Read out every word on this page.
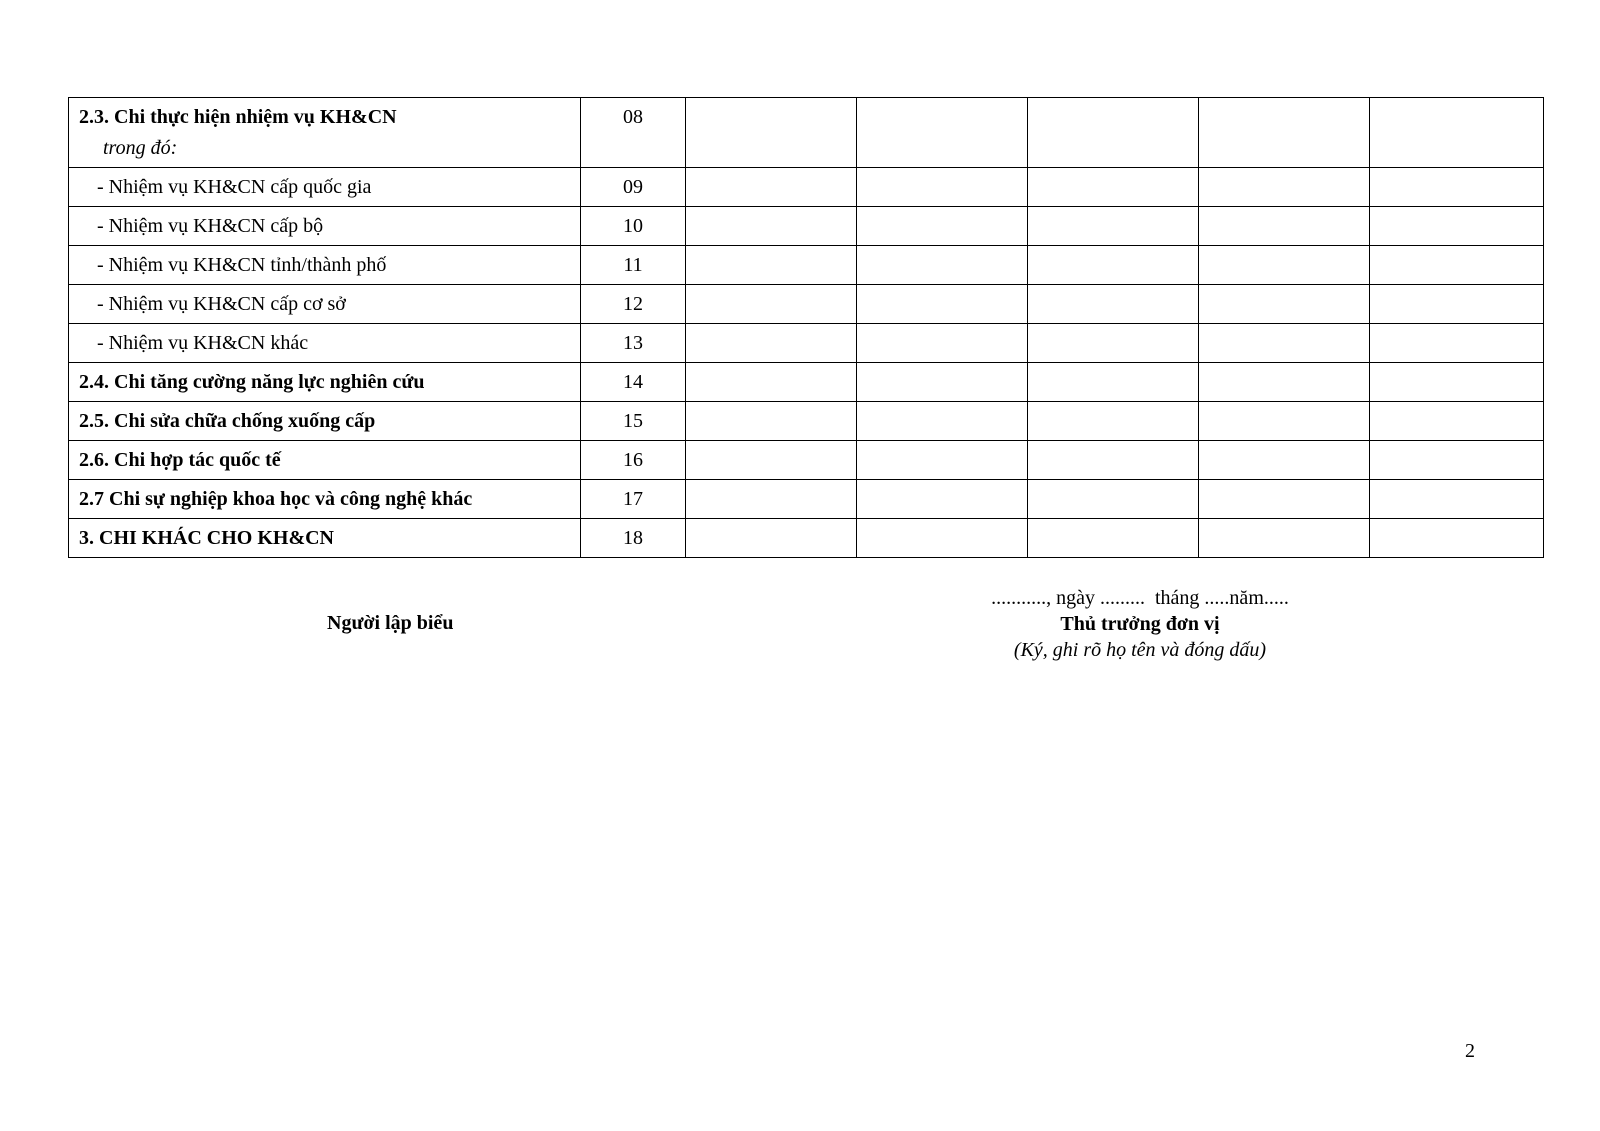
2.3. Chi thực hiện nhiệm vụ KH&CN
trong đó:	08					

- Nhiệm vụ KH&CN cấp quốc gia	09					

- Nhiệm vụ KH&CN cấp bộ	10					

- Nhiệm vụ KH&CN tỉnh/thành phố	11					

- Nhiệm vụ KH&CN cấp cơ sở	12					

- Nhiệm vụ KH&CN khác	13					

2.4. Chi tăng cường năng lực nghiên cứu	14					

2.5. Chi sửa chữa chống xuống cấp	15					

2.6. Chi hợp tác quốc tế	16					

2.7 Chi sự nghiệp khoa học và công nghệ khác	17					

3. CHI KHÁC CHO KH&CN	18					

Người lập biểu
..........., ngày .........  tháng .....năm.....
Thủ trưởng đơn vị
(Ký, ghi rõ họ tên và đóng dấu)
2
